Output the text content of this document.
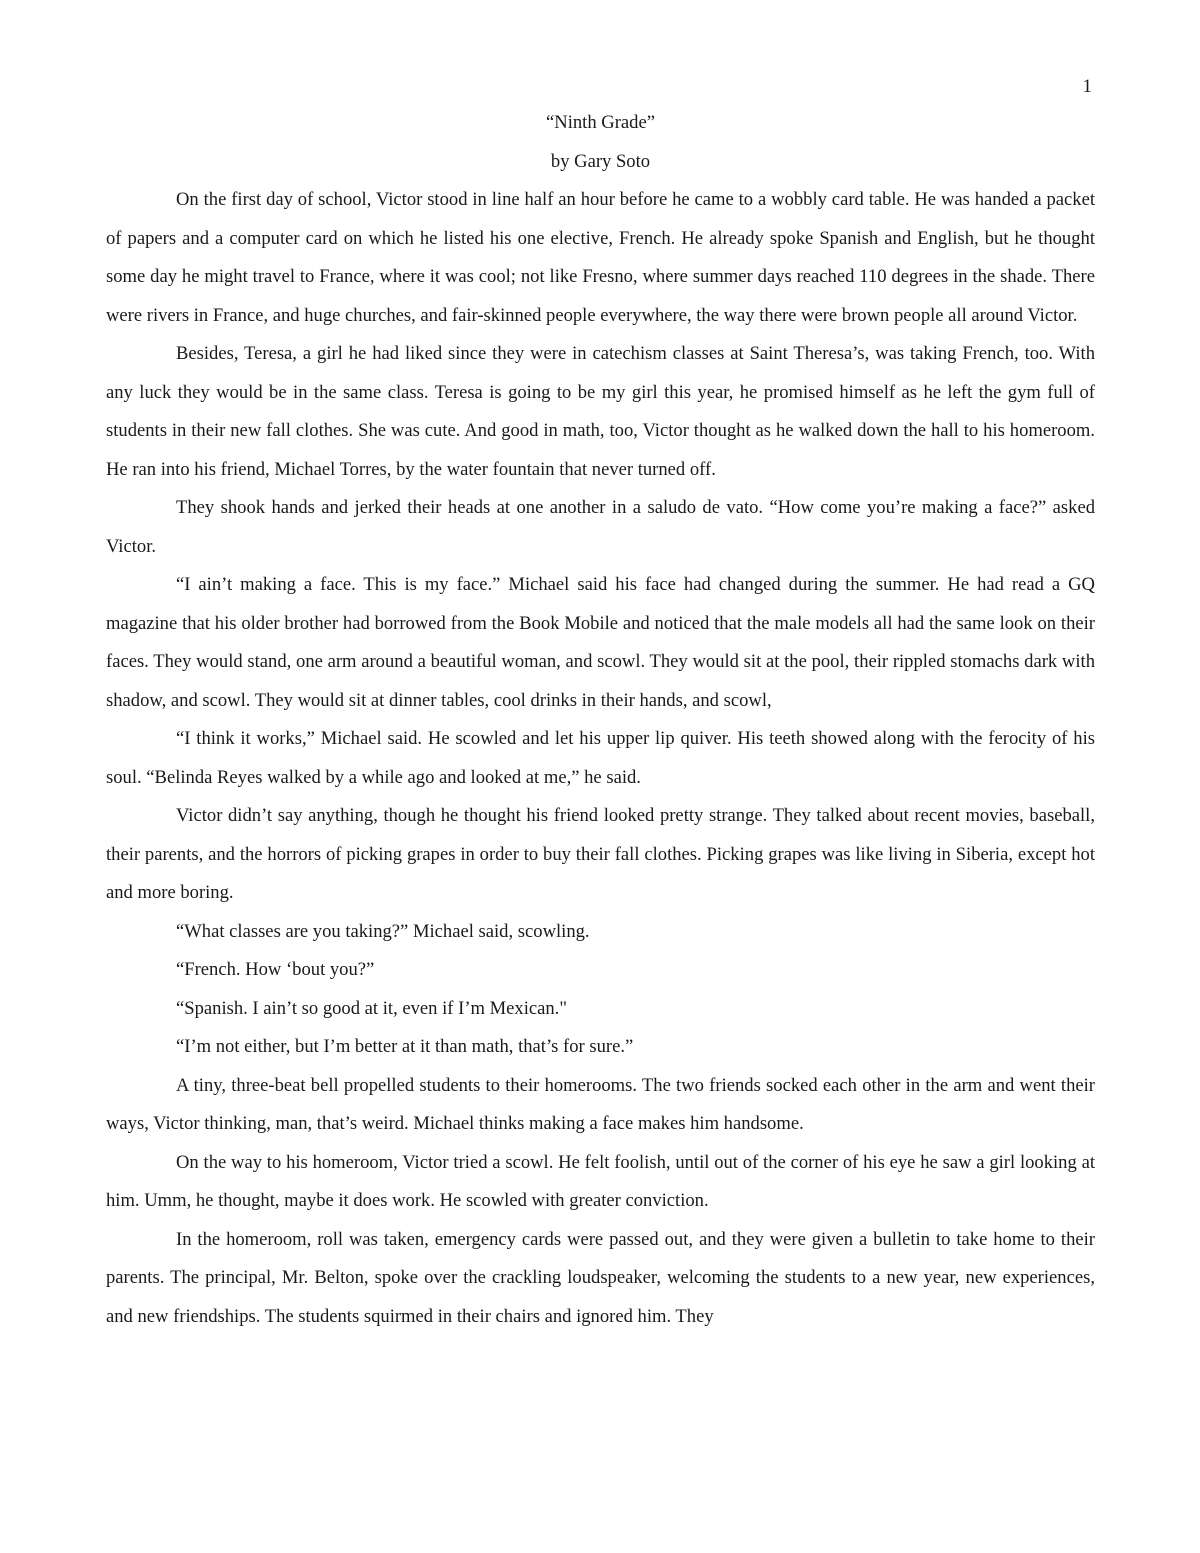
1

“Ninth Grade”

by Gary Soto

On the first day of school, Victor stood in line half an hour before he came to a wobbly card table. He was handed a packet of papers and a computer card on which he listed his one elective, French. He already spoke Spanish and English, but he thought some day he might travel to France, where it was cool; not like Fresno, where summer days reached 110 degrees in the shade. There were rivers in France, and huge churches, and fair-skinned people everywhere, the way there were brown people all around Victor.

Besides, Teresa, a girl he had liked since they were in catechism classes at Saint Theresa’s, was taking French, too. With any luck they would be in the same class. Teresa is going to be my girl this year, he promised himself as he left the gym full of students in their new fall clothes. She was cute. And good in math, too, Victor thought as he walked down the hall to his homeroom. He ran into his friend, Michael Torres, by the water fountain that never turned off.

They shook hands and jerked their heads at one another in a saludo de vato. “How come you’re making a face?” asked Victor.

“I ain’t making a face. This is my face.” Michael said his face had changed during the summer. He had read a GQ magazine that his older brother had borrowed from the Book Mobile and noticed that the male models all had the same look on their faces. They would stand, one arm around a beautiful woman, and scowl. They would sit at the pool, their rippled stomachs dark with shadow, and scowl. They would sit at dinner tables, cool drinks in their hands, and scowl,

“I think it works,” Michael said. He scowled and let his upper lip quiver. His teeth showed along with the ferocity of his soul. “Belinda Reyes walked by a while ago and looked at me,” he said.

Victor didn’t say anything, though he thought his friend looked pretty strange. They talked about recent movies, baseball, their parents, and the horrors of picking grapes in order to buy their fall clothes. Picking grapes was like living in Siberia, except hot and more boring.

“What classes are you taking?” Michael said, scowling.

“French. How ‘bout you?”

“Spanish. I ain’t so good at it, even if I’m Mexican."

“I’m not either, but I’m better at it than math, that’s for sure.”

A tiny, three-beat bell propelled students to their homerooms. The two friends socked each other in the arm and went their ways, Victor thinking, man, that’s weird. Michael thinks making a face makes him handsome.

On the way to his homeroom, Victor tried a scowl. He felt foolish, until out of the corner of his eye he saw a girl looking at him. Umm, he thought, maybe it does work. He scowled with greater conviction.

In the homeroom, roll was taken, emergency cards were passed out, and they were given a bulletin to take home to their parents. The principal, Mr. Belton, spoke over the crackling loudspeaker, welcoming the students to a new year, new experiences, and new friendships. The students squirmed in their chairs and ignored him. They
